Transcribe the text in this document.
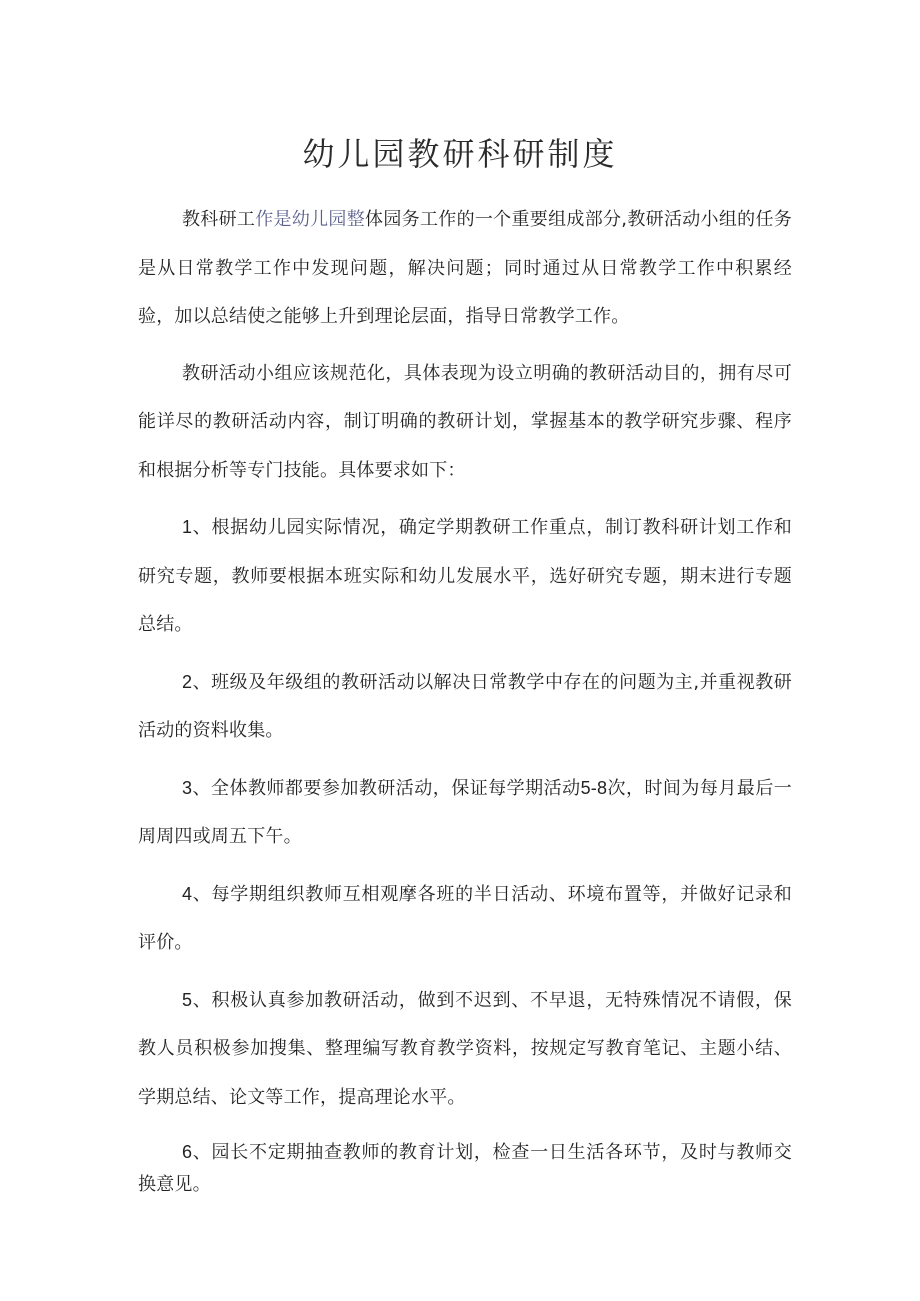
幼儿园教研科研制度

教科研工作是幼儿园整体园务工作的一个重要组成部分,教研活动小组的任务是从日常教学工作中发现问题，解决问题；同时通过从日常教学工作中积累经验，加以总结使之能够上升到理论层面，指导日常教学工作。

教研活动小组应该规范化，具体表现为设立明确的教研活动目的，拥有尽可能详尽的教研活动内容，制订明确的教研计划，掌握基本的教学研究步骤、程序和根据分析等专门技能。具体要求如下：

1、根据幼儿园实际情况，确定学期教研工作重点，制订教科研计划工作和研究专题，教师要根据本班实际和幼儿发展水平，选好研究专题，期末进行专题总结。

2、班级及年级组的教研活动以解决日常教学中存在的问题为主,并重视教研活动的资料收集。

3、全体教师都要参加教研活动，保证每学期活动5-8次，时间为每月最后一周周四或周五下午。

4、每学期组织教师互相观摩各班的半日活动、环境布置等，并做好记录和评价。

5、积极认真参加教研活动，做到不迟到、不早退，无特殊情况不请假，保教人员积极参加搜集、整理编写教育教学资料，按规定写教育笔记、主题小结、学期总结、论文等工作，提高理论水平。

6、园长不定期抽查教师的教育计划，检查一日生活各环节，及时与教师交换意见。
